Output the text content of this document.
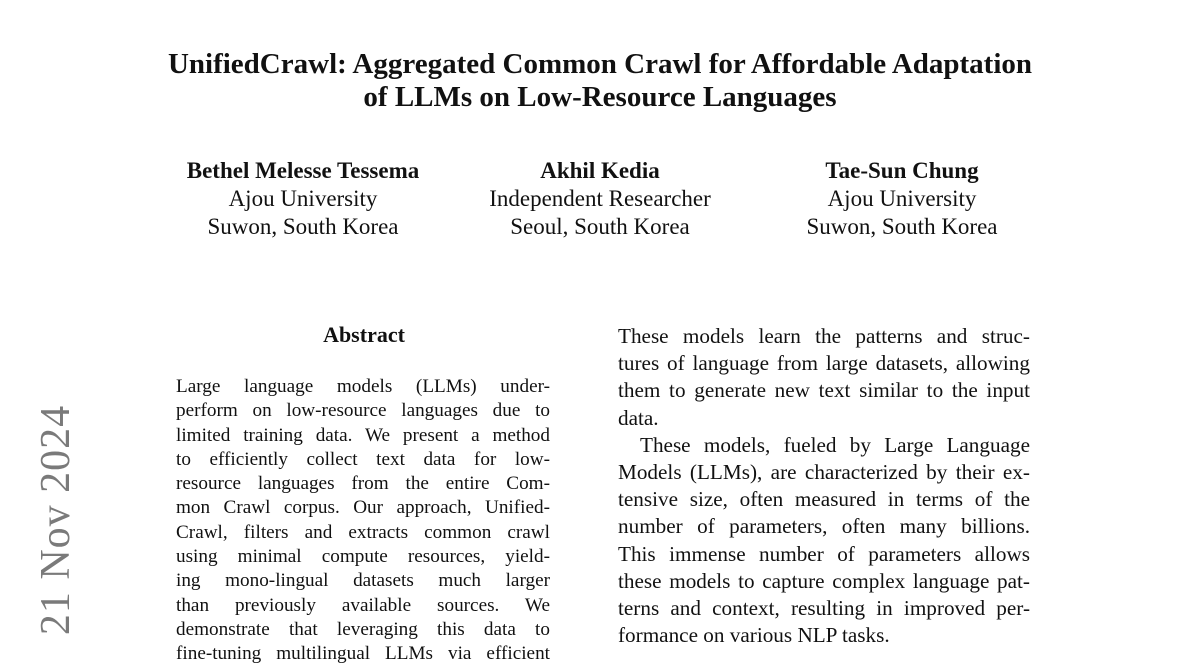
UnifiedCrawl: Aggregated Common Crawl for Affordable Adaptation
of LLMs on Low-Resource Languages
Bethel Melesse Tessema
Ajou University
Suwon, South Korea
Akhil Kedia
Independent Researcher
Seoul, South Korea
Tae-Sun Chung
Ajou University
Suwon, South Korea
21 Nov 2024
Abstract
Large language models (LLMs) under-
perform on low-resource languages due to
limited training data. We present a method
to efficiently collect text data for low-
resource languages from the entire Com-
mon Crawl corpus. Our approach, Unified-
Crawl, filters and extracts common crawl
using minimal compute resources, yield-
ing mono-lingual datasets much larger
than previously available sources. We
demonstrate that leveraging this data to
fine-tuning multilingual LLMs via efficient
These models learn the patterns and struc-
tures of language from large datasets, allowing
them to generate new text similar to the input
data.
These models, fueled by Large Language
Models (LLMs), are characterized by their ex-
tensive size, often measured in terms of the
number of parameters, often many billions.
This immense number of parameters allows
these models to capture complex language pat-
terns and context, resulting in improved per-
formance on various NLP tasks.
